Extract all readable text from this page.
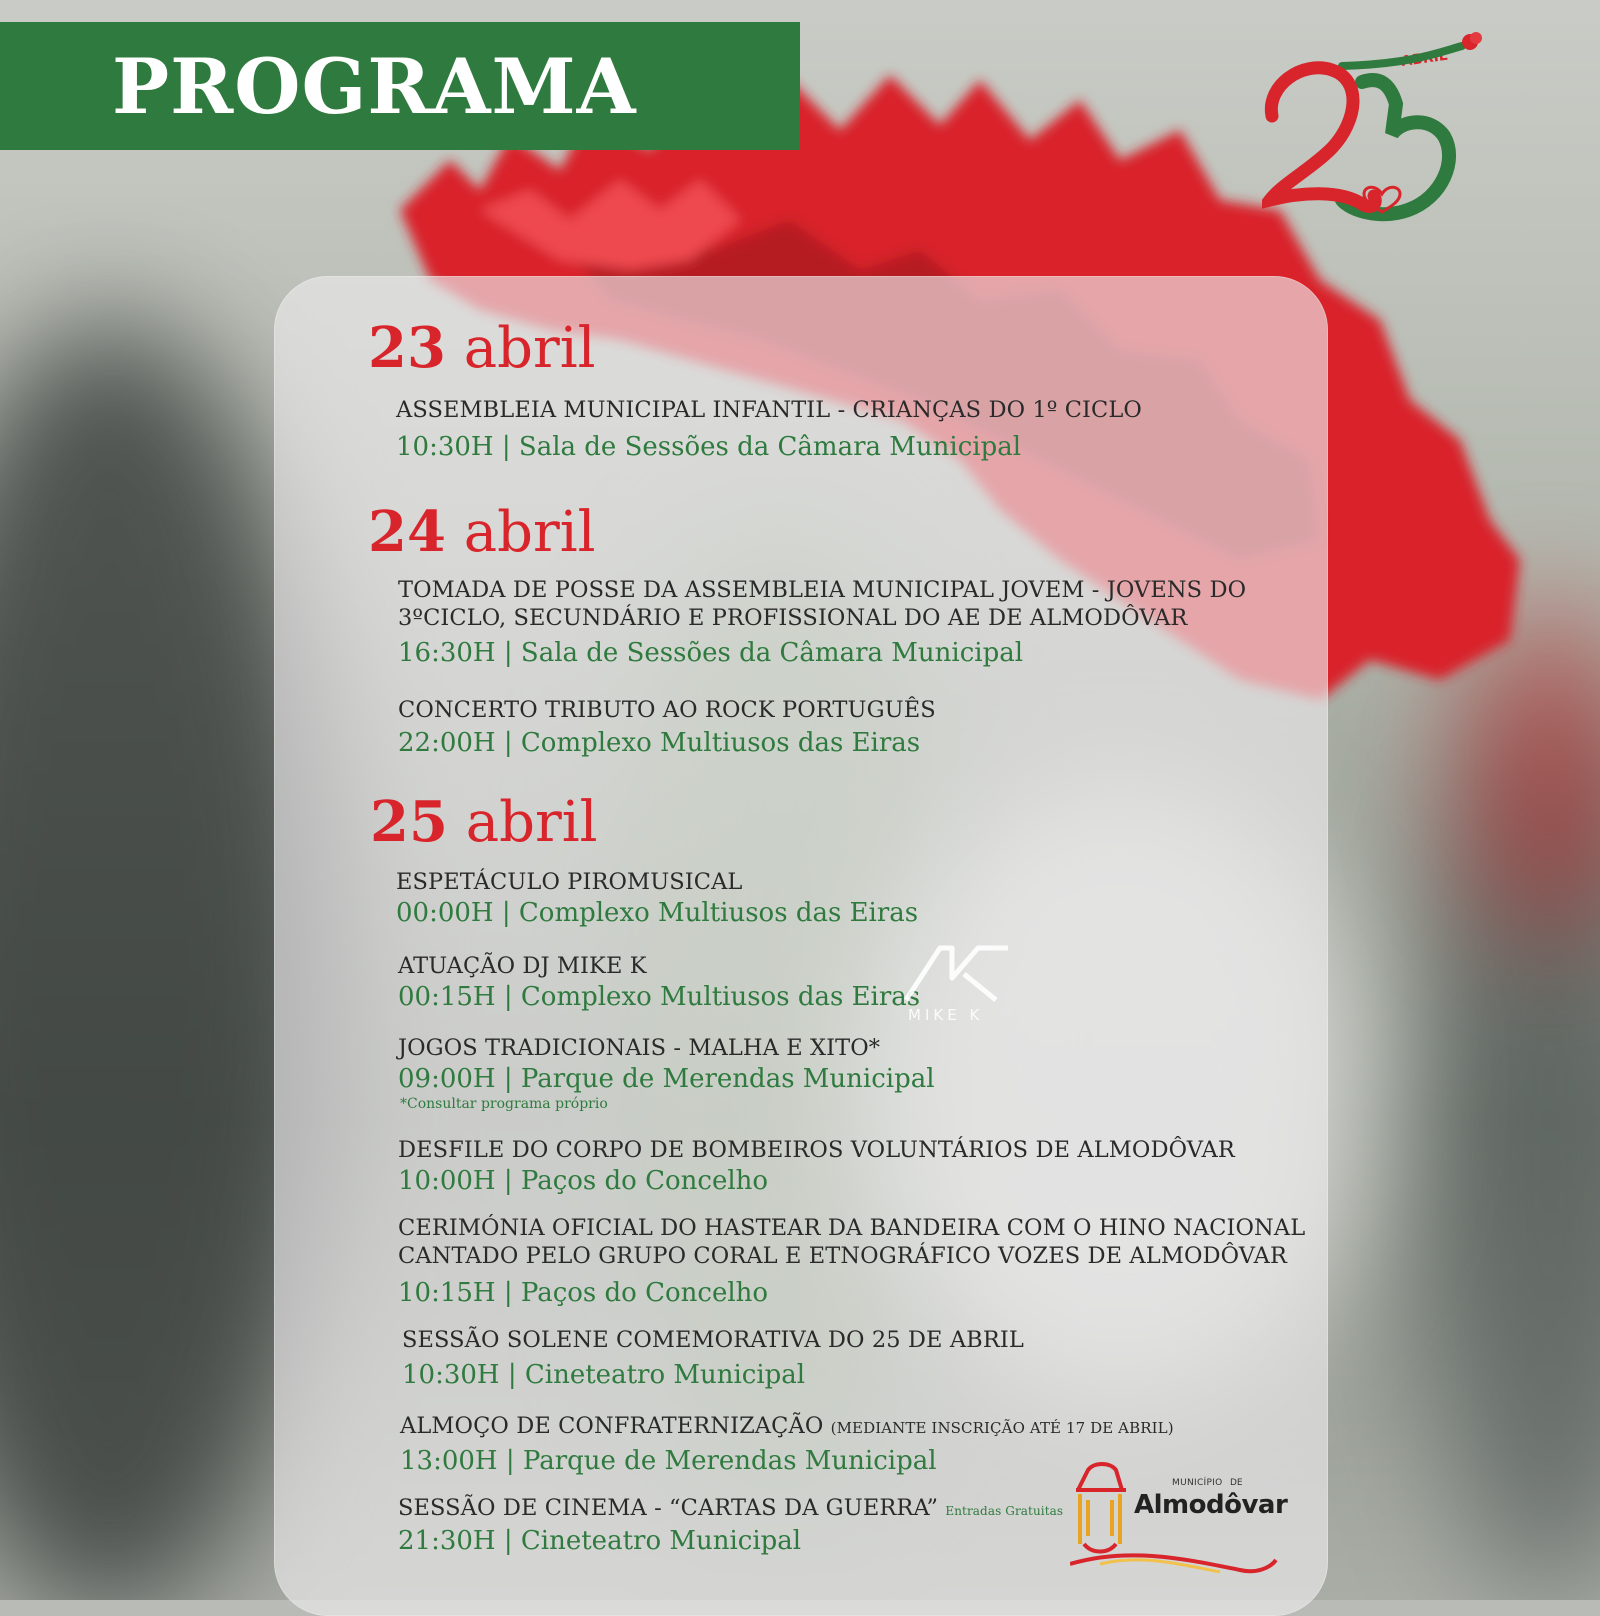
PROGRAMA	ABRIL
23 abril
ASSEMBLEIA MUNICIPAL INFANTIL - CRIANÇAS DO 1º CICLO
10:30H | Sala de Sessões da Câmara Municipal
24 abril
TOMADA DE POSSE DA ASSEMBLEIA MUNICIPAL JOVEM - JOVENS DO
3ºCICLO, SECUNDÁRIO E PROFISSIONAL DO AE DE ALMODÔVAR
16:30H | Sala de Sessões da Câmara Municipal
CONCERTO TRIBUTO AO ROCK PORTUGUÊS
22:00H | Complexo Multiusos das Eiras
25 abril
ESPETÁCULO PIROMUSICAL
00:00H | Complexo Multiusos das Eiras
ATUAÇÃO DJ MIKE K
00:15H | Complexo Multiusos das Eiras
JOGOS TRADICIONAIS - MALHA E XITO*
09:00H | Parque de Merendas Municipal
*Consultar programa próprio
DESFILE DO CORPO DE BOMBEIROS VOLUNTÁRIOS DE ALMODÔVAR
10:00H | Paços do Concelho
CERIMÓNIA OFICIAL DO HASTEAR DA BANDEIRA COM O HINO NACIONAL
CANTADO PELO GRUPO CORAL E ETNOGRÁFICO VOZES DE ALMODÔVAR
10:15H | Paços do Concelho
SESSÃO SOLENE COMEMORATIVA DO 25 DE ABRIL
10:30H | Cineteatro Municipal
ALMOÇO DE CONFRATERNIZAÇÃO (MEDIANTE INSCRIÇÃO ATÉ 17 DE ABRIL)
13:00H | Parque de Merendas Municipal
SESSÃO DE CINEMA - “CARTAS DA GUERRA” Entradas Gratuitas
21:30H | Cineteatro Municipal
MIKE K
MUNICÍPIO DE
Almodôvar
